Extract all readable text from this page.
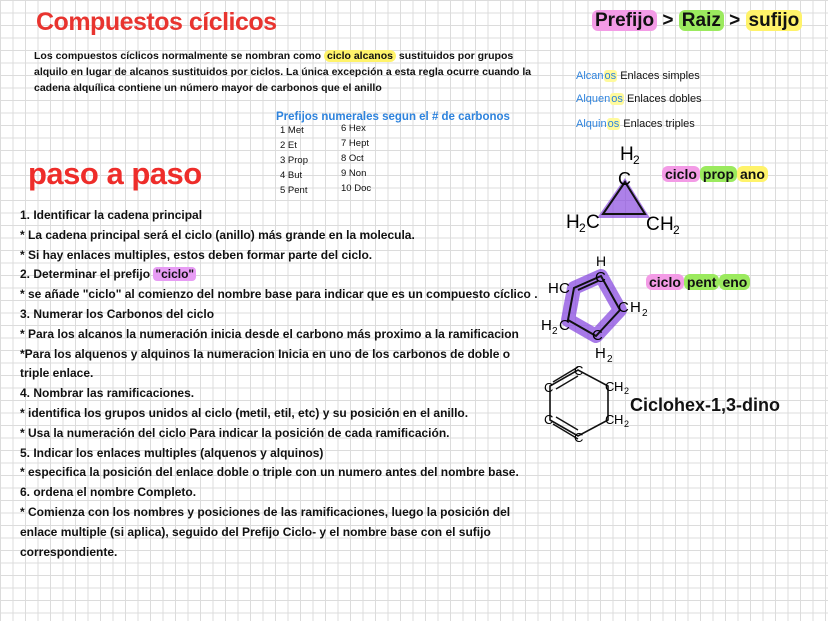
Compuestos cíclicos	Prefijo > Raiz > sufijo
Los compuestos cíclicos normalmente se nombran como ciclo alcanos sustituidos por grupos alquilo en lugar de alcanos sustituidos por ciclos. La única excepción a esta regla ocurre cuando la cadena alquílica contiene un número mayor de carbonos que el anillo
Alcanos Enlaces simples
Alquenos Enlaces dobles
Alquinos Enlaces triples
Prefijos numerales segun el # de carbonos
1 Met
2 Et
3 Prop
4 But
5 Pent
6 Hex
7 Hept
8 Oct
9 Non
10 Doc
paso a paso
1. Identificar la cadena principal
* La cadena principal será el ciclo (anillo) más grande en la molecula.
* Si hay enlaces multiples, estos deben formar parte del ciclo.
2. Determinar el prefijo "ciclo"
* se añade "ciclo" al comienzo del nombre base para indicar que es un compuesto cíclico .
3. Numerar los Carbonos del ciclo
* Para los alcanos la numeración inicia desde el carbono más proximo a la ramificacion
*Para los alquenos y alquinos la numeracion Inicia en uno de los carbonos de doble o
triple enlace.
4. Nombrar las ramificaciones.
* identifica los grupos unidos al ciclo (metil, etil, etc) y su posición en el anillo.
* Usa la numeración del ciclo Para indicar la posición de cada ramificación.
5. Indicar los enlaces multiples (alquenos y alquinos)
* especifica la posición del enlace doble o triple con un numero antes del nombre base.
6. ordena el nombre Completo.
* Comienza con los nombres y posiciones de las ramificaciones, luego la posición del
enlace multiple (si aplica), seguido del Prefijo Ciclo- y el nombre base con el sufijo
correspondiente.
H 2
C
H 2 C C H 2
ciclo prop ano
H
C
H C
H 2 C
C H 2
C
H 2
ciclo pent eno
C
C
C H 2
C H 2
C
C
Ciclohex-1,3-dino
